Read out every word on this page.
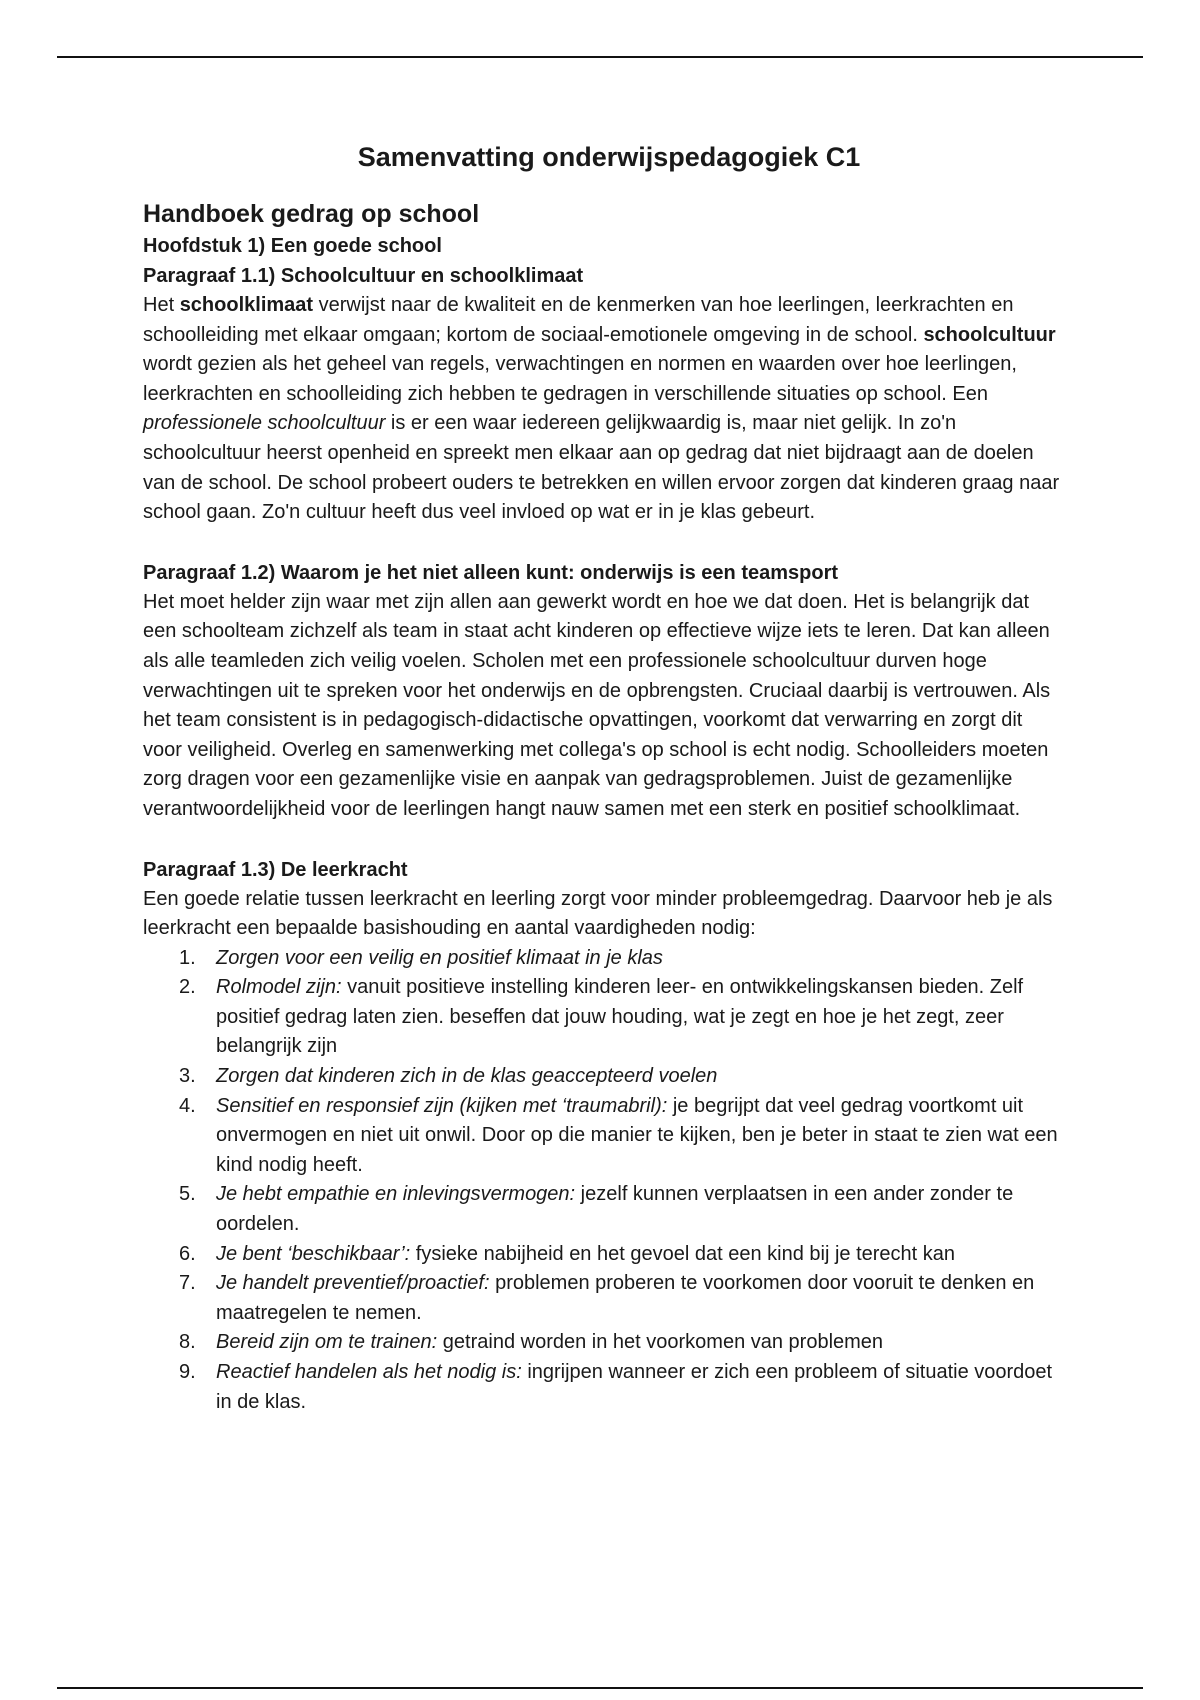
Samenvatting onderwijspedagogiek C1
Handboek gedrag op school
Hoofdstuk 1) Een goede school
Paragraaf 1.1) Schoolcultuur en schoolklimaat

Het schoolklimaat verwijst naar de kwaliteit en de kenmerken van hoe leerlingen, leerkrachten en schoolleiding met elkaar omgaan; kortom de sociaal-emotionele omgeving in de school. schoolcultuur wordt gezien als het geheel van regels, verwachtingen en normen en waarden over hoe leerlingen, leerkrachten en schoolleiding zich hebben te gedragen in verschillende situaties op school. Een professionele schoolcultuur is er een waar iedereen gelijkwaardig is, maar niet gelijk. In zo'n schoolcultuur heerst openheid en spreekt men elkaar aan op gedrag dat niet bijdraagt aan de doelen van de school. De school probeert ouders te betrekken en willen ervoor zorgen dat kinderen graag naar school gaan. Zo'n cultuur heeft dus veel invloed op wat er in je klas gebeurt.

Paragraaf 1.2) Waarom je het niet alleen kunt: onderwijs is een teamsport

Het moet helder zijn waar met zijn allen aan gewerkt wordt en hoe we dat doen. Het is belangrijk dat een schoolteam zichzelf als team in staat acht kinderen op effectieve wijze iets te leren. Dat kan alleen als alle teamleden zich veilig voelen. Scholen met een professionele schoolcultuur durven hoge verwachtingen uit te spreken voor het onderwijs en de opbrengsten. Cruciaal daarbij is vertrouwen. Als het team consistent is in pedagogisch-didactische opvattingen, voorkomt dat verwarring en zorgt dit voor veiligheid. Overleg en samenwerking met collega's op school is echt nodig. Schoolleiders moeten zorg dragen voor een gezamenlijke visie en aanpak van gedragsproblemen. Juist de gezamenlijke verantwoordelijkheid voor de leerlingen hangt nauw samen met een sterk en positief schoolklimaat.

Paragraaf 1.3) De leerkracht

Een goede relatie tussen leerkracht en leerling zorgt voor minder probleemgedrag. Daarvoor heb je als leerkracht een bepaalde basishouding en aantal vaardigheden nodig:

1. Zorgen voor een veilig en positief klimaat in je klas
2. Rolmodel zijn: vanuit positieve instelling kinderen leer- en ontwikkelingskansen bieden. Zelf positief gedrag laten zien. beseffen dat jouw houding, wat je zegt en hoe je het zegt, zeer belangrijk zijn
3. Zorgen dat kinderen zich in de klas geaccepteerd voelen
4. Sensitief en responsief zijn (kijken met ‘traumabril): je begrijpt dat veel gedrag voortkomt uit onvermogen en niet uit onwil. Door op die manier te kijken, ben je beter in staat te zien wat een kind nodig heeft.
5. Je hebt empathie en inlevingsvermogen: jezelf kunnen verplaatsen in een ander zonder te oordelen.
6. Je bent ‘beschikbaar’: fysieke nabijheid en het gevoel dat een kind bij je terecht kan
7. Je handelt preventief/proactief: problemen proberen te voorkomen door vooruit te denken en maatregelen te nemen.
8. Bereid zijn om te trainen: getraind worden in het voorkomen van problemen
9. Reactief handelen als het nodig is: ingrijpen wanneer er zich een probleem of situatie voordoet in de klas.
